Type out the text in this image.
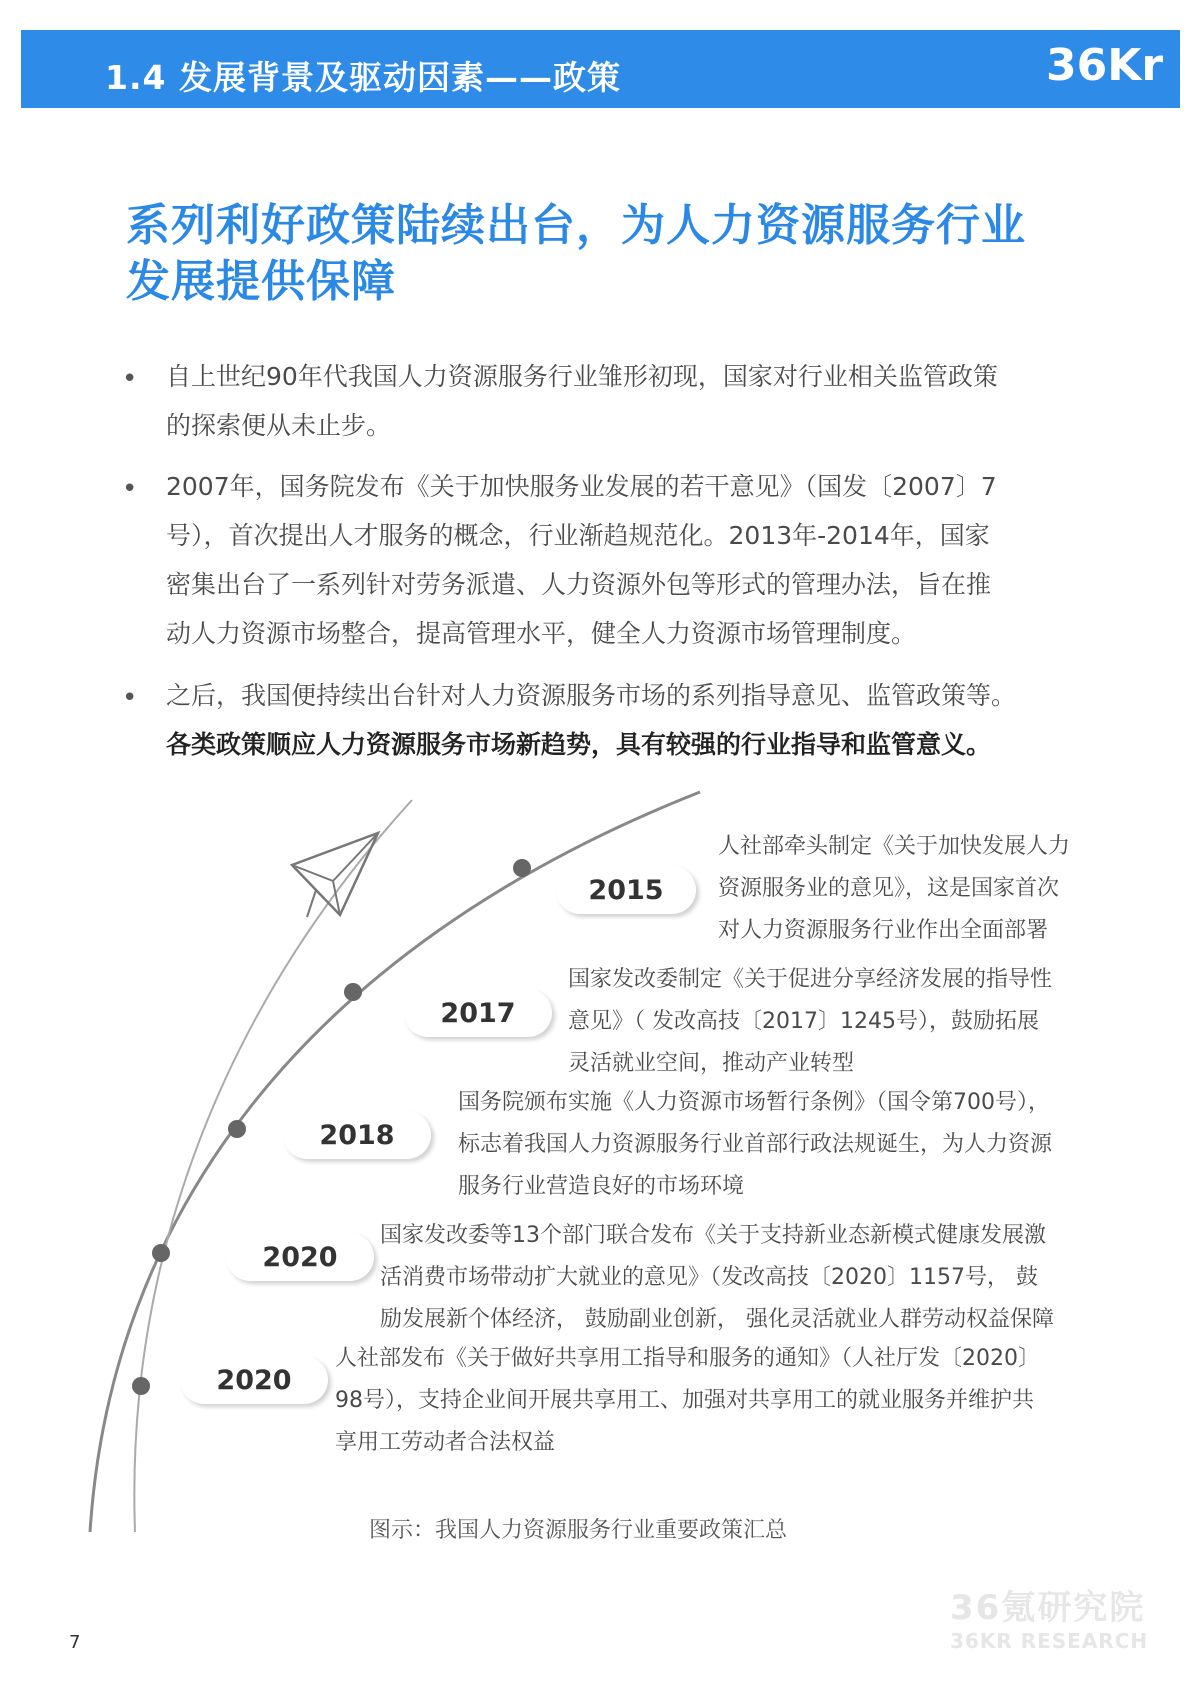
1.4 发展背景及驱动因素——政策	36Kr
系列利好政策陆续出台，为人力资源服务行业
发展提供保障
• 自上世纪90年代我国人力资源服务行业雏形初现，国家对行业相关监管政策
的探索便从未止步。
• 2007年，国务院发布《关于加快服务业发展的若干意见》（国发〔2007〕7
号），首次提出人才服务的概念，行业渐趋规范化。2013年-2014年，国家
密集出台了一系列针对劳务派遣、人力资源外包等形式的管理办法，旨在推
动人力资源市场整合，提高管理水平，健全人力资源市场管理制度。
• 之后，我国便持续出台针对人力资源服务市场的系列指导意见、监管政策等。
各类政策顺应人力资源服务市场新趋势，具有较强的行业指导和监管意义。
2015
2017
2018
2020
2020
人社部牵头制定《关于加快发展人力
资源服务业的意见》，这是国家首次
对人力资源服务行业作出全面部署
国家发改委制定《关于促进分享经济发展的指导性
意见》（ 发改高技〔2017〕1245号），鼓励拓展
灵活就业空间，推动产业转型
国务院颁布实施《人力资源市场暂行条例》（国令第700号），
标志着我国人力资源服务行业首部行政法规诞生，为人力资源
服务行业营造良好的市场环境
国家发改委等13个部门联合发布《关于支持新业态新模式健康发展激
活消费市场带动扩大就业的意见》（发改高技〔2020〕1157号， 鼓
励发展新个体经济， 鼓励副业创新， 强化灵活就业人群劳动权益保障
人社部发布《关于做好共享用工指导和服务的通知》（人社厅发〔2020〕
98号），支持企业间开展共享用工、加强对共享用工的就业服务并维护共
享用工劳动者合法权益
图示：我国人力资源服务行业重要政策汇总
36氪研究院
36KR RESEARCH
7
